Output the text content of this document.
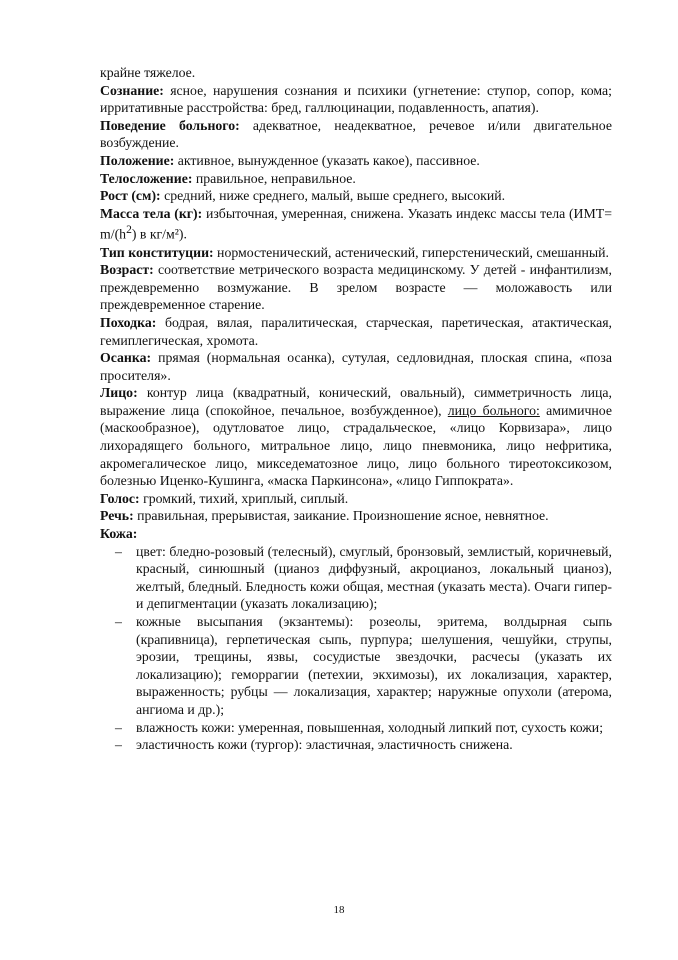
крайне тяжелое.

Сознание: ясное, нарушения сознания и психики (угнетение: ступор, сопор, кома; ирритативные расстройства: бред, галлюцинации, подавленность, апатия).

Поведение больного: адекватное, неадекватное, речевое и/или двигательное возбуждение.

Положение: активное, вынужденное (указать какое), пассивное.

Телосложение: правильное, неправильное.

Рост (см): средний, ниже среднего, малый, выше среднего, высокий.

Масса тела (кг): избыточная, умеренная, снижена. Указать индекс массы тела ($ИМТ= m/(h^2)$ в кг/м²).

Тип конституции: нормостенический, астенический, гиперстенический, смешанный.

Возраст: соответствие метрического возраста медицинскому. У детей - инфантилизм, преждевременно возмужание. В зрелом возрасте — моложавость или преждевременное старение.

Походка: бодрая, вялая, паралитическая, старческая, паретическая, атактическая, гемиплегическая, хромота.

Осанка: прямая (нормальная осанка), сутулая, седловидная, плоская спина, «поза просителя».

Лицо: контур лица (квадратный, конический, овальный), симметричность лица, выражение лица (спокойное, печальное, возбужденное), лицо больного: амимичное (маскообразное), одутловатое лицо, страдальческое, «лицо Корвизара», лицо лихорадящего больного, митральное лицо, лицо пневмоника, лицо нефритика, акромегалическое лицо, микседематозное лицо, лицо больного тиреотоксикозом, болезнью Иценко-Кушинга, «маска Паркинсона», «лицо Гиппократа».

Голос: громкий, тихий, хриплый, сиплый.

Речь: правильная, прерывистая, заикание. Произношение ясное, невнятное.

Кожа:

– цвет: бледно-розовый (телесный), смуглый, бронзовый, землистый, коричневый, красный, синюшный (цианоз диффузный, акроцианоз, локальный цианоз), желтый, бледный. Бледность кожи общая, местная (указать места). Очаги гипер- и депигментации (указать локализацию);
– кожные высыпания (экзантемы): розеолы, эритема, волдырная сыпь (крапивница), герпетическая сыпь, пурпура; шелушения, чешуйки, струпы, эрозии, трещины, язвы, сосудистые звездочки, расчесы (указать их локализацию); геморрагии (петехии, экхимозы), их локализация, характер, выраженность; рубцы — локализация, характер; наружные опухоли (атерома, ангиома и др.);
– влажность кожи: умеренная, повышенная, холодный липкий пот, сухость кожи;
– эластичность кожи (тургор): эластичная, эластичность снижена.
18
